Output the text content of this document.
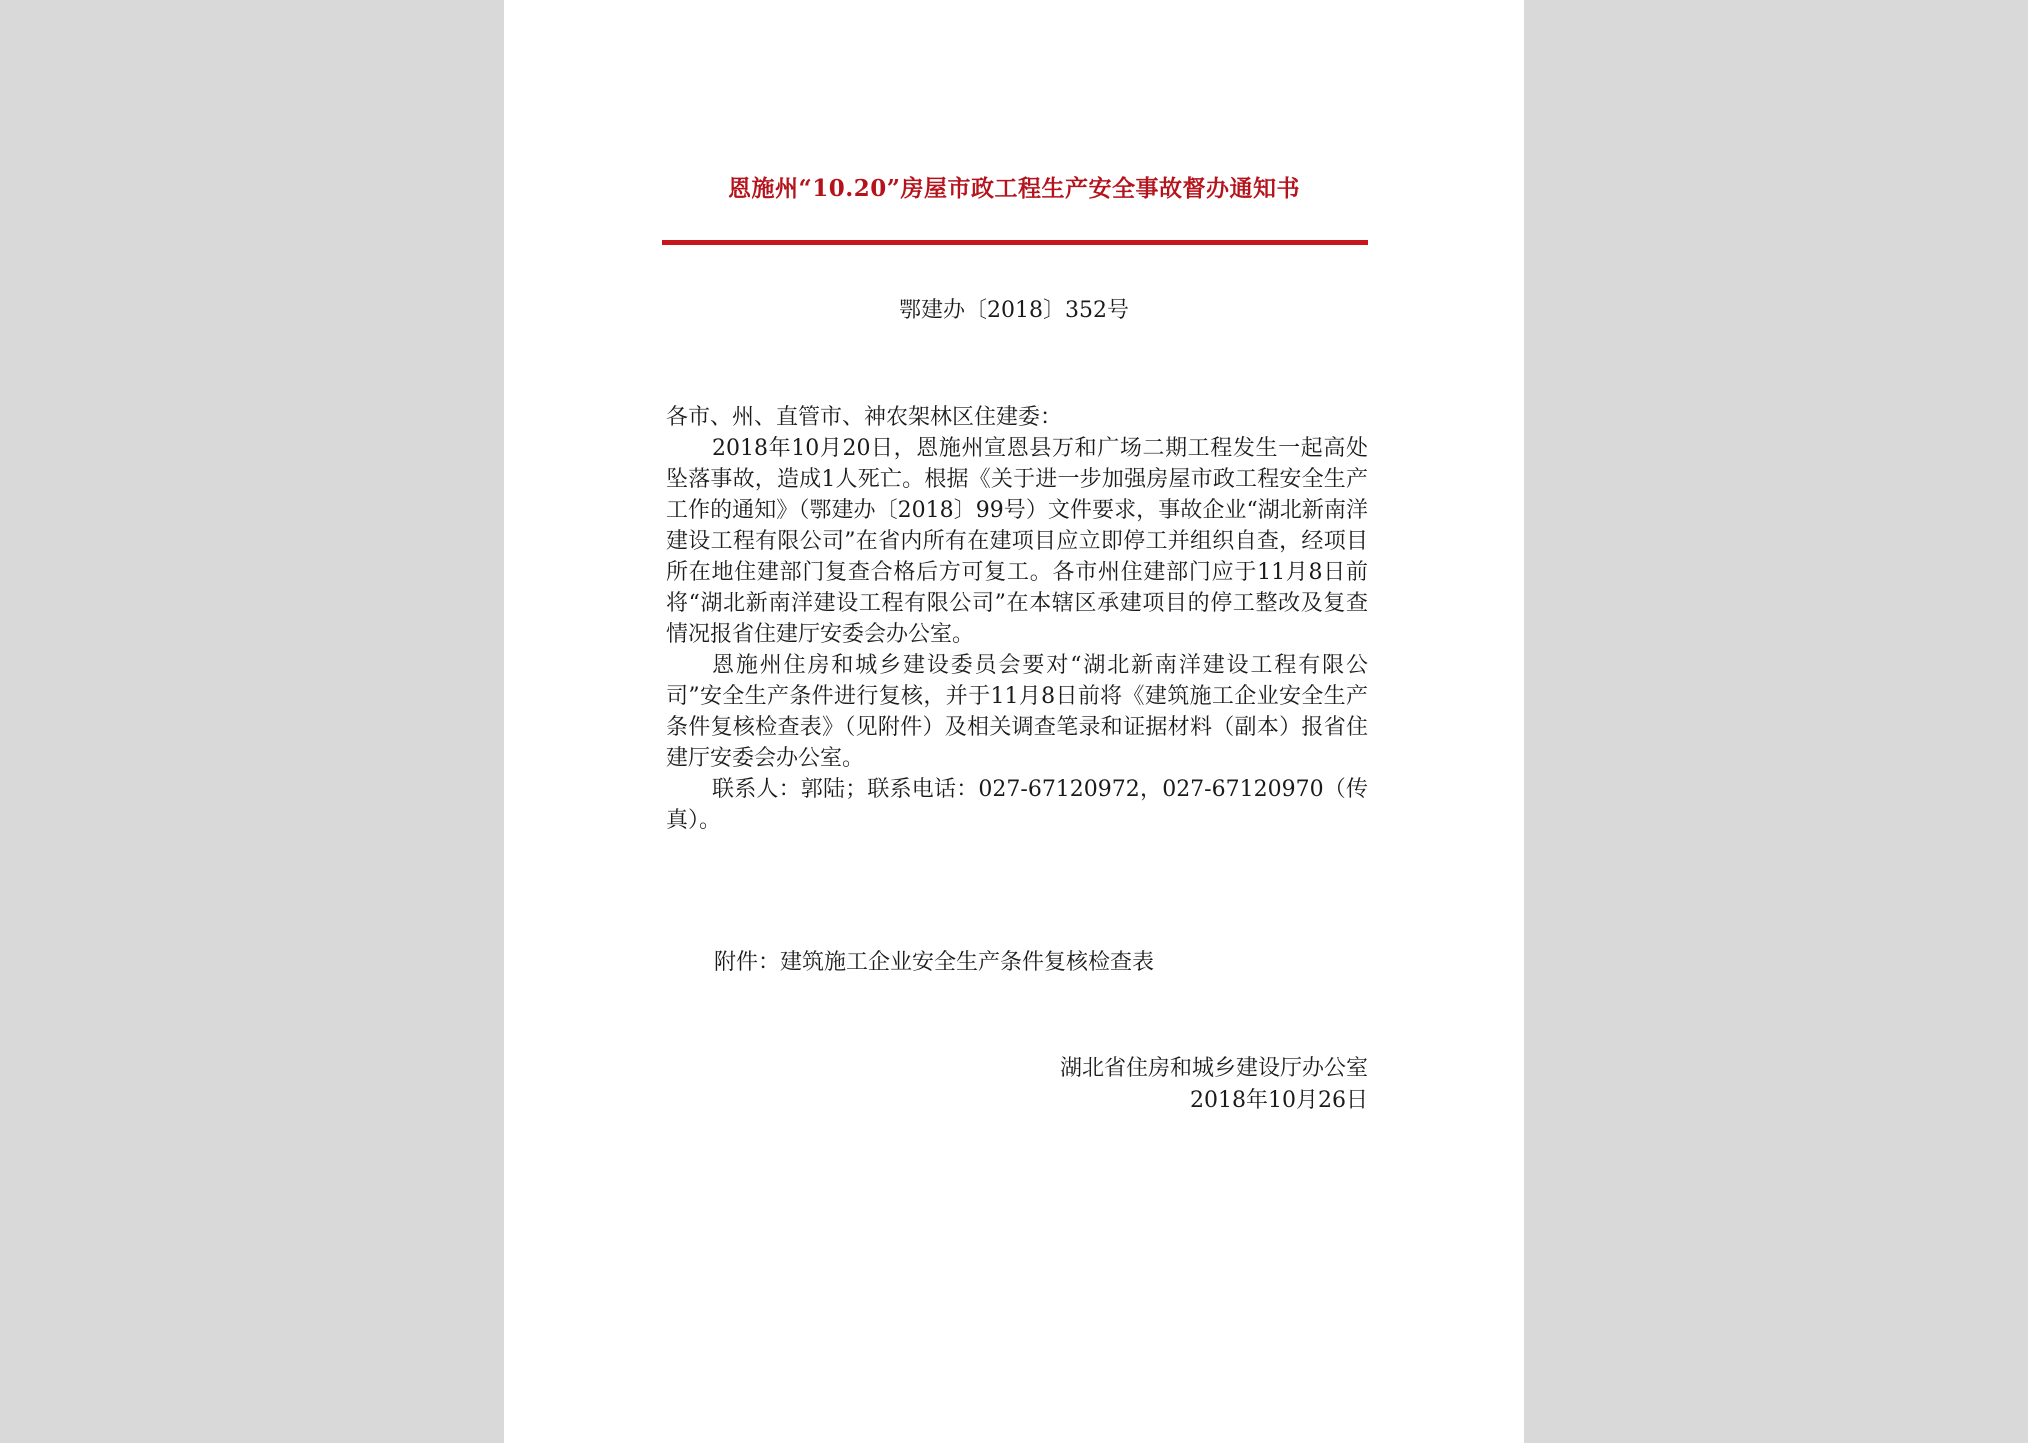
恩施州“10.20”房屋市政工程生产安全事故督办通知书
鄂建办〔2018〕352号

各市、州、直管市、神农架林区住建委：

2018年10月20日，恩施州宣恩县万和广场二期工程发生一起高处坠落事故，造成1人死亡。根据《关于进一步加强房屋市政工程安全生产工作的通知》（鄂建办〔2018〕99号）文件要求，事故企业“湖北新南洋建设工程有限公司”在省内所有在建项目应立即停工并组织自查，经项目所在地住建部门复查合格后方可复工。各市州住建部门应于11月8日前将“湖北新南洋建设工程有限公司”在本辖区承建项目的停工整改及复查情况报省住建厅安委会办公室。

恩施州住房和城乡建设委员会要对“湖北新南洋建设工程有限公司”安全生产条件进行复核，并于11月8日前将《建筑施工企业安全生产条件复核检查表》（见附件）及相关调查笔录和证据材料（副本）报省住建厅安委会办公室。

联系人：郭陆；联系电话：027-67120972，027-67120970（传真）。

附件：建筑施工企业安全生产条件复核检查表
湖北省住房和城乡建设厅办公室
2018年10月26日
